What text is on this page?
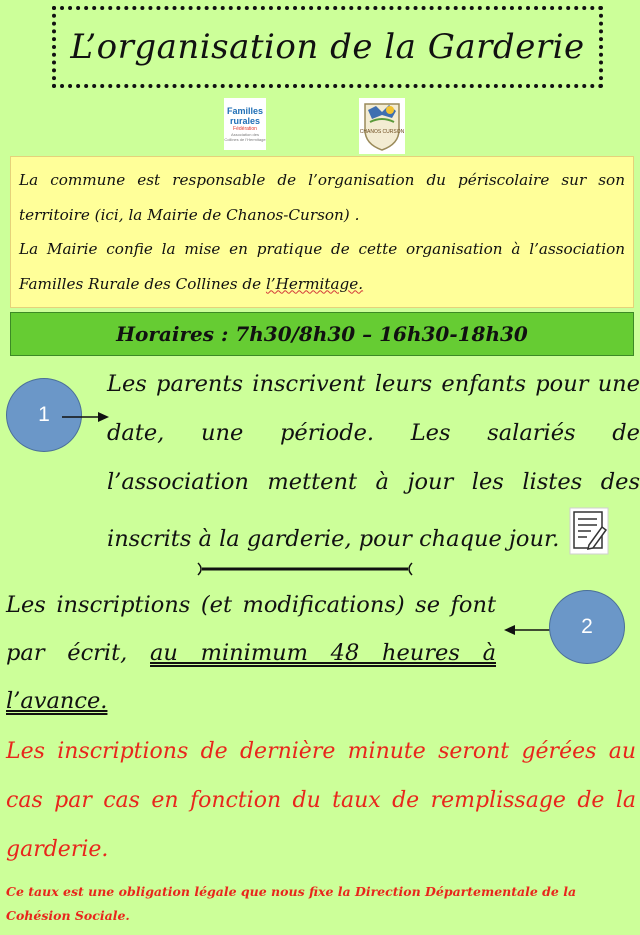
L’organisation de la Garderie
Familles
rurales
Fédération
Association des Collines de l’Hermitage
CHANOS CURSON

La commune est responsable de l’organisation du périscolaire sur son territoire (ici, la Mairie de Chanos-Curson) .

La Mairie confie la mise en pratique de cette organisation à l’association Familles Rurale des Collines de l’Hermitage.

Horaires : 7h30/8h30 – 16h30-18h30
1

Les parents inscrivent leurs enfants pour une date, une période. Les salariés de l’association mettent à jour les listes des inscrits à la garderie, pour chaque jour.

Les inscriptions (et modifications) se font par écrit, au minimum 48 heures à l’avance.

2

Les inscriptions de dernière minute seront gérées au cas par cas en fonction du taux de remplissage de la garderie.

Ce taux est une obligation légale que nous fixe la Direction Départementale de la Cohésion Sociale.
